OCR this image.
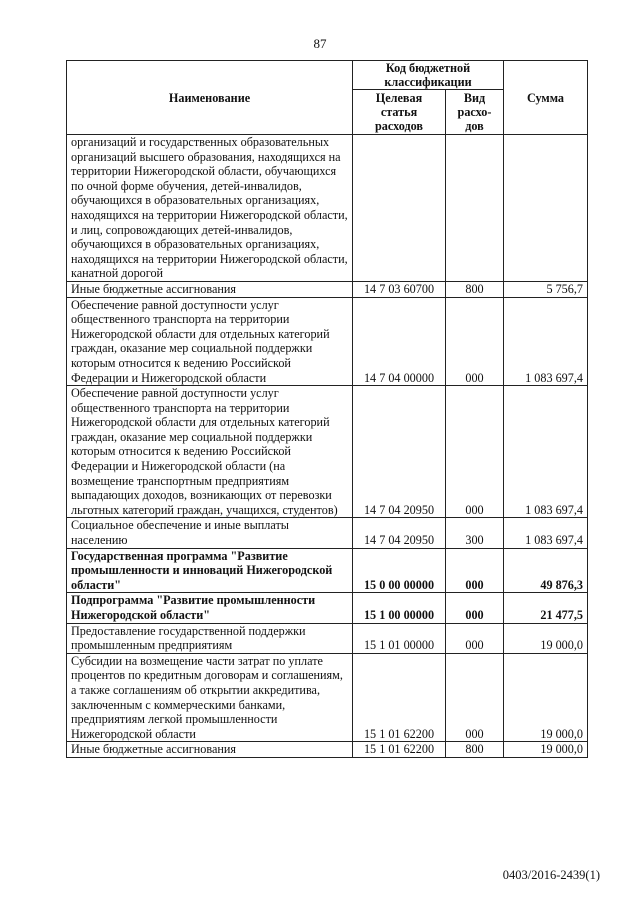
87
Наименование	Код бюджетной классификации		Сумма
	Целевая статья расходов	Вид расхо-дов	
организаций и государственных образовательных организаций высшего образования, находящихся на территории Нижегородской области, обучающихся по очной форме обучения, детей-инвалидов, обучающихся в образовательных организациях, находящихся на территории Нижегородской области, и лиц, сопровождающих детей-инвалидов, обучающихся в образовательных организациях, находящихся на территории Нижегородской области, канатной дорогой			
Иные бюджетные ассигнования	14 7 03 60700	800	5 756,7
Обеспечение равной доступности услуг общественного транспорта на территории Нижегородской области для отдельных категорий граждан, оказание мер социальной поддержки которым относится к ведению Российской Федерации и Нижегородской области	14 7 04 00000	000	1 083 697,4
Обеспечение равной доступности услуг общественного транспорта на территории Нижегородской области для отдельных категорий граждан, оказание мер социальной поддержки которым относится к ведению Российской Федерации и Нижегородской области (на возмещение транспортным предприятиям выпадающих доходов, возникающих от перевозки льготных категорий граждан, учащихся, студентов)	14 7 04 20950	000	1 083 697,4
Социальное обеспечение и иные выплаты населению	14 7 04 20950	300	1 083 697,4
Государственная программа "Развитие промышленности и инноваций Нижегородской области"	15 0 00 00000	000	49 876,3
Подпрограмма "Развитие промышленности Нижегородской области"	15 1 00 00000	000	21 477,5
Предоставление государственной поддержки промышленным предприятиям	15 1 01 00000	000	19 000,0
Субсидии на возмещение части затрат по уплате процентов по кредитным договорам и соглашениям, а также соглашениям об открытии аккредитива, заключенным с коммерческими банками, предприятиям легкой промышленности Нижегородской области	15 1 01 62200	000	19 000,0
Иные бюджетные ассигнования	15 1 01 62200	800	19 000,0
0403/2016-2439(1)
